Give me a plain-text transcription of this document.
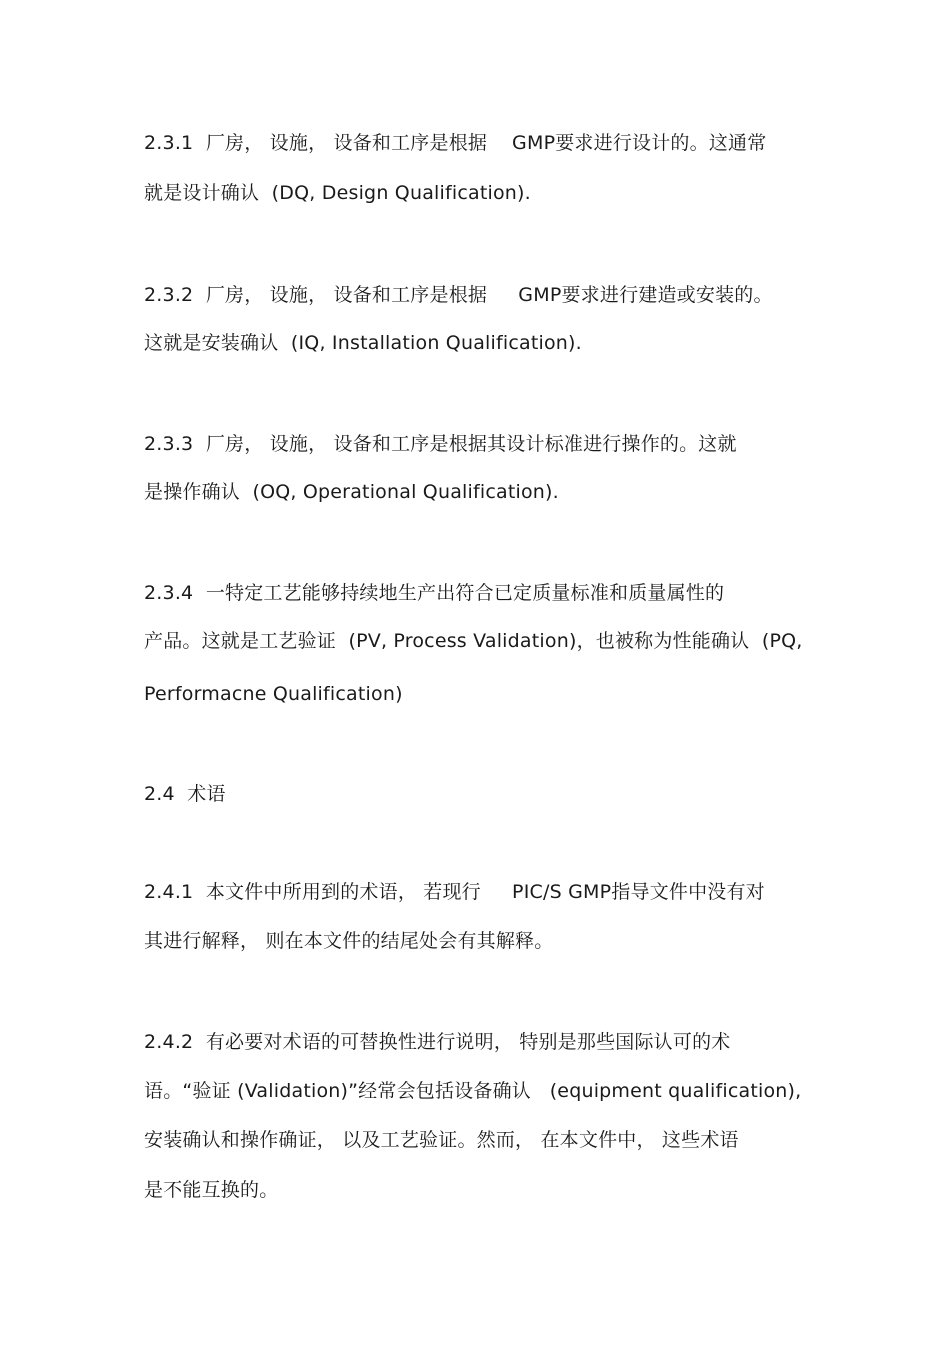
2.3.1  厂房， 设施， 设备和工序是根据    GMP要求进行设计的。这通常
就是设计确认  (DQ, Design Qualification).
2.3.2  厂房， 设施， 设备和工序是根据     GMP要求进行建造或安装的。
这就是安装确认  (IQ, Installation Qualification).
2.3.3  厂房， 设施， 设备和工序是根据其设计标准进行操作的。这就
是操作确认  (OQ, Operational Qualification).
2.3.4  一特定工艺能够持续地生产出符合已定质量标准和质量属性的
产品。这就是工艺验证  (PV, Process Validation)，也被称为性能确认  (PQ,
Performacne Qualification)
2.4  术语
2.4.1  本文件中所用到的术语， 若现行     PIC/S GMP指导文件中没有对
其进行解释， 则在本文件的结尾处会有其解释。
2.4.2  有必要对术语的可替换性进行说明， 特别是那些国际认可的术
语。“验证 (Validation)”经常会包括设备确认   (equipment qualification),
安装确认和操作确证， 以及工艺验证。然而， 在本文件中， 这些术语
是不能互换的。
